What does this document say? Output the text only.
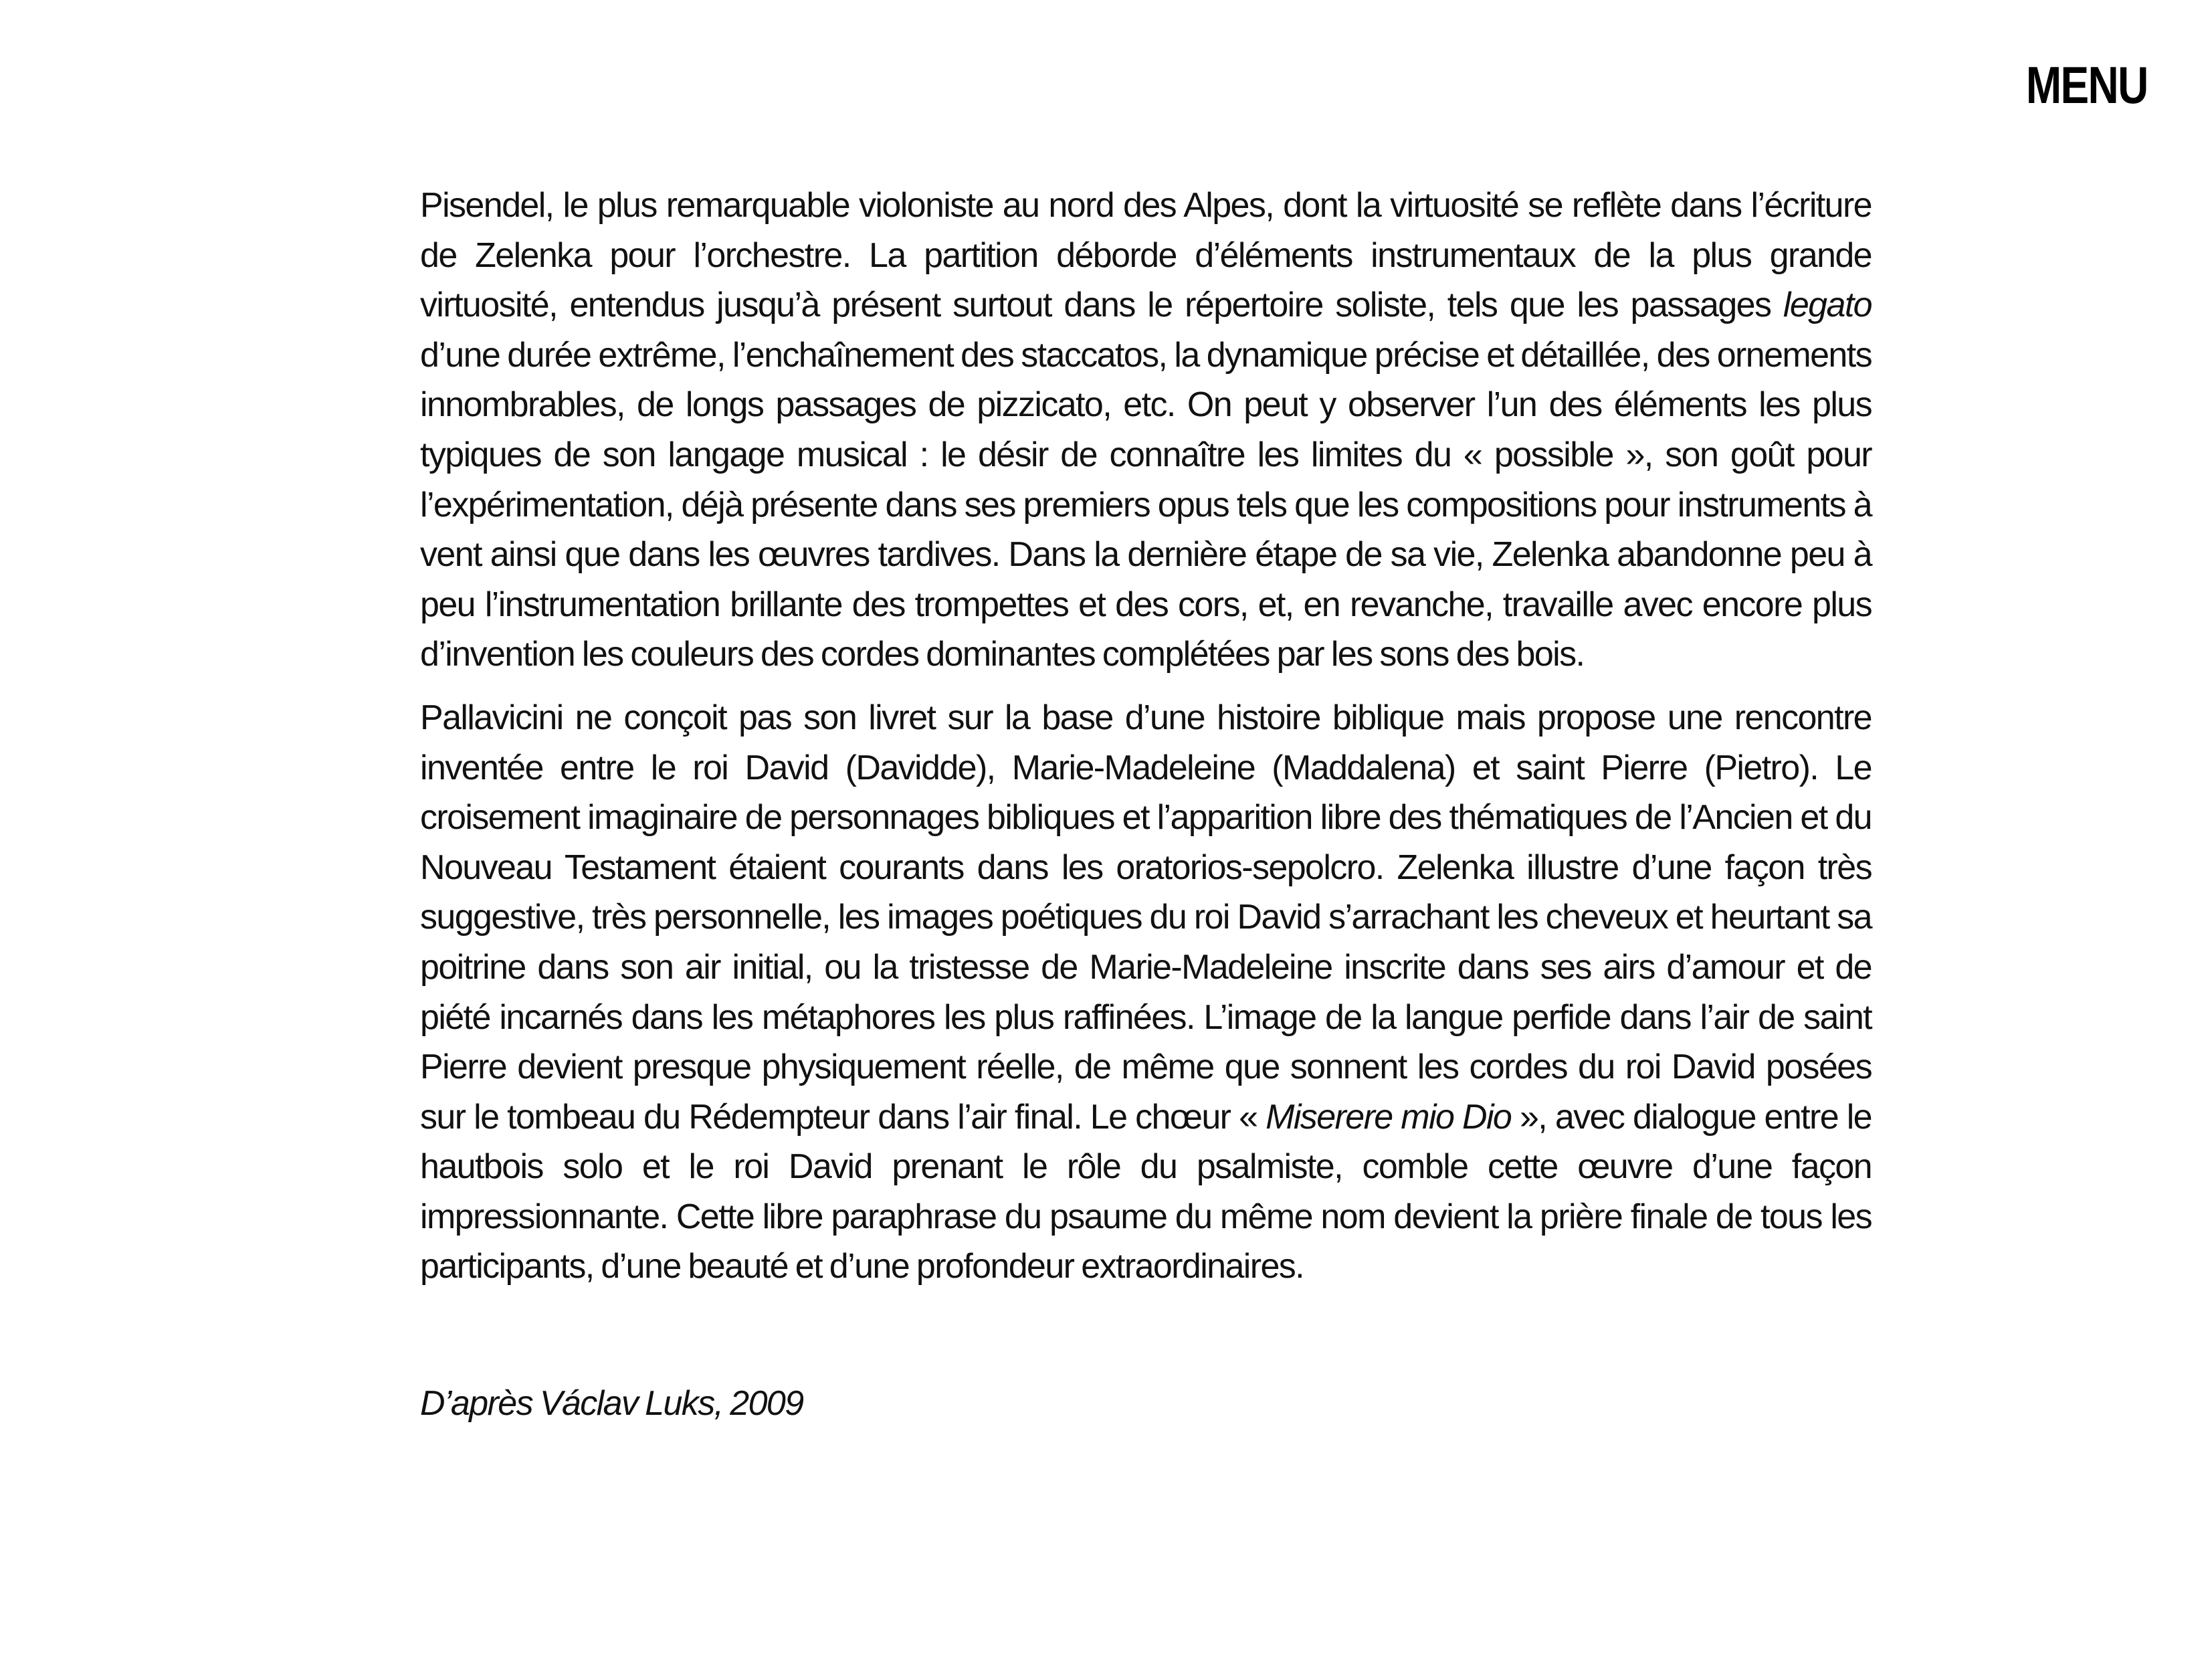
MENU

Pisendel, le plus remarquable violoniste au nord des Alpes, dont la virtuosité se reflète dans l’écriture de Zelenka pour l’orchestre. La partition déborde d’éléments instrumentaux de la plus grande virtuosité, entendus jusqu’à présent surtout dans le répertoire soliste, tels que les passages legato d’une durée extrême, l’enchaînement des staccatos, la dynamique précise et détaillée, des ornements innombrables, de longs passages de pizzicato, etc. On peut y observer l’un des éléments les plus typiques de son langage musical : le désir de connaître les limites du « possible », son goût pour l’expérimentation, déjà présente dans ses premiers opus tels que les compositions pour instruments à vent ainsi que dans les œuvres tardives. Dans la dernière étape de sa vie, Zelenka abandonne peu à peu l’instrumentation brillante des trompettes et des cors, et, en revanche, travaille avec encore plus d’invention les couleurs des cordes dominantes complétées par les sons des bois.

Pallavicini ne conçoit pas son livret sur la base d’une histoire biblique mais propose une rencontre inventée entre le roi David (Davidde), Marie-Madeleine (Maddalena) et saint Pierre (Pietro). Le croisement imaginaire de personnages bibliques et l’apparition libre des thématiques de l’Ancien et du Nouveau Testament étaient courants dans les oratorios-sepolcro. Zelenka illustre d’une façon très suggestive, très personnelle, les images poétiques du roi David s’arrachant les cheveux et heurtant sa poitrine dans son air initial, ou la tristesse de Marie-Madeleine inscrite dans ses airs d’amour et de piété incarnés dans les métaphores les plus raffinées. L’image de la langue perfide dans l’air de saint Pierre devient presque physiquement réelle, de même que sonnent les cordes du roi David posées sur le tombeau du Rédempteur dans l’air final. Le chœur « Miserere mio Dio », avec dialogue entre le hautbois solo et le roi David prenant le rôle du psalmiste, comble cette œuvre d’une façon impressionnante. Cette libre paraphrase du psaume du même nom devient la prière finale de tous les participants, d’une beauté et d’une profondeur extraordinaires.

D’après Václav Luks, 2009
